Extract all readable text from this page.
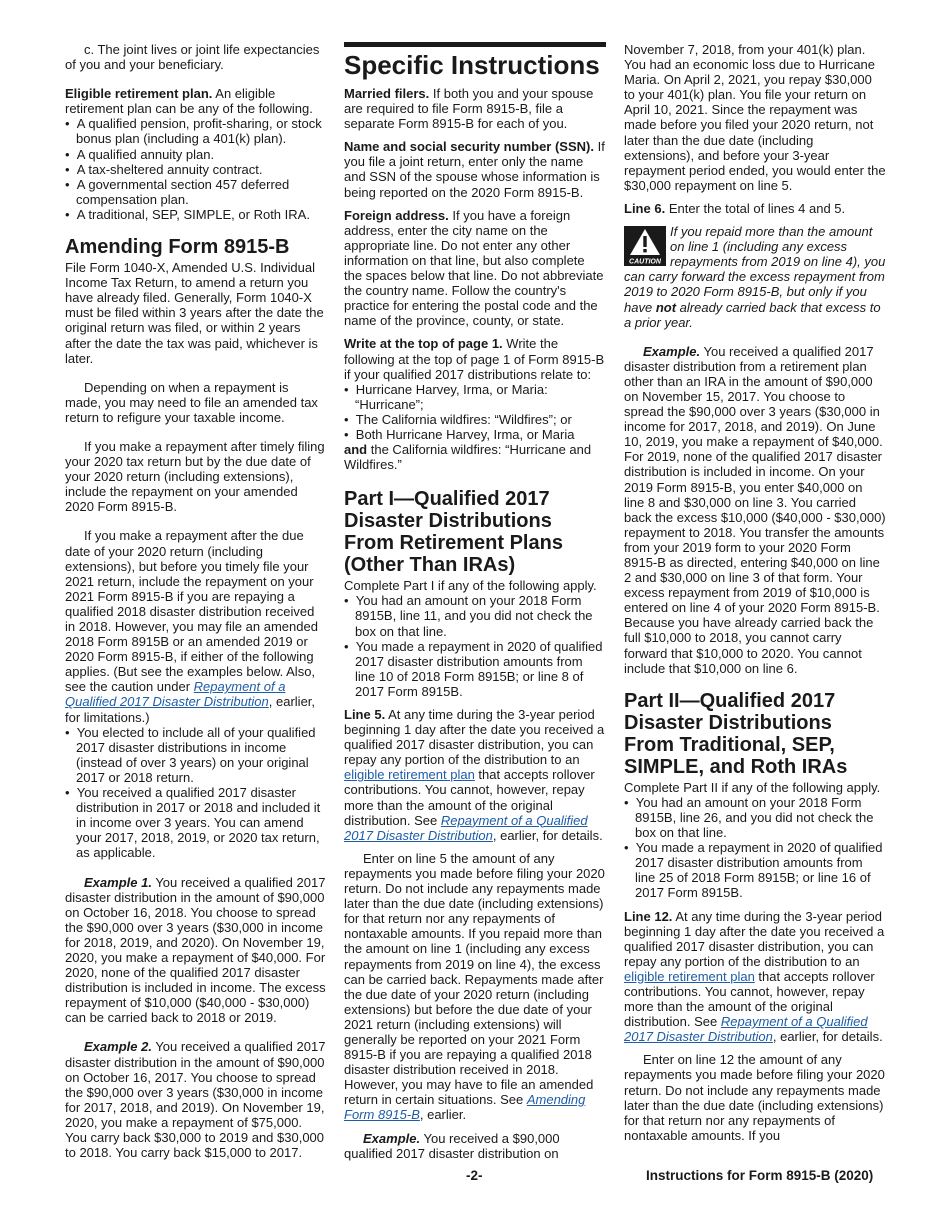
c. The joint lives or joint life expectancies of you and your beneficiary.

Eligible retirement plan. An eligible retirement plan can be any of the following.

•  A qualified pension, profit-sharing, or stock bonus plan (including a 401(k) plan).
•  A qualified annuity plan.
•  A tax-sheltered annuity contract.
•  A governmental section 457 deferred compensation plan.
•  A traditional, SEP, SIMPLE, or Roth IRA.
Amending Form 8915-B

File Form 1040-X, Amended U.S. Individual Income Tax Return, to amend a return you have already filed. Generally, Form 1040-X must be filed within 3 years after the date the original return was filed, or within 2 years after the date the tax was paid, whichever is later.

Depending on when a repayment is made, you may need to file an amended tax return to refigure your taxable income.

If you make a repayment after timely filing your 2020 tax return but by the due date of your 2020 return (including extensions), include the repayment on your amended 2020 Form 8915-B.

If you make a repayment after the due date of your 2020 return (including extensions), but before you timely file your 2021 return, include the repayment on your 2021 Form 8915-B if you are repaying a qualified 2018 disaster distribution received in 2018. However, you may file an amended 2018 Form 8915B or an amended 2019 or 2020 Form 8915-B, if either of the following applies. (But see the examples below. Also, see the caution under Repayment of a Qualified 2017 Disaster Distribution, earlier, for limitations.)

•  You elected to include all of your qualified 2017 disaster distributions in income (instead of over 3 years) on your original 2017 or 2018 return.
•  You received a qualified 2017 disaster distribution in 2017 or 2018 and included it in income over 3 years. You can amend your 2017, 2018, 2019, or 2020 tax return, as applicable.

Example 1. You received a qualified 2017 disaster distribution in the amount of $90,000 on October 16, 2018. You choose to spread the $90,000 over 3 years ($30,000 in income for 2018, 2019, and 2020). On November 19, 2020, you make a repayment of $40,000. For 2020, none of the qualified 2017 disaster distribution is included in income. The excess repayment of $10,000 ($40,000 - $30,000) can be carried back to 2018 or 2019.

Example 2. You received a qualified 2017 disaster distribution in the amount of $90,000 on October 16, 2017. You choose to spread the $90,000 over 3 years ($30,000 in income for 2017, 2018, and 2019). On November 19, 2020, you make a repayment of $75,000. You carry back $30,000 to 2019 and $30,000 to 2018. You carry back $15,000 to 2017.

Specific Instructions

Married filers. If both you and your spouse are required to file Form 8915-B, file a separate Form 8915-B for each of you.

Name and social security number (SSN). If you file a joint return, enter only the name and SSN of the spouse whose information is being reported on the 2020 Form 8915-B.

Foreign address. If you have a foreign address, enter the city name on the appropriate line. Do not enter any other information on that line, but also complete the spaces below that line. Do not abbreviate the country name. Follow the country's practice for entering the postal code and the name of the province, county, or state.

Write at the top of page 1. Write the following at the top of page 1 of Form 8915-B if your qualified 2017 distributions relate to:

•  Hurricane Harvey, Irma, or Maria: “Hurricane”;
•  The California wildfires: “Wildfires”; or
•  Both Hurricane Harvey, Irma, or Maria
and the California wildfires: “Hurricane and Wildfires.”
Part I—Qualified 2017 Disaster Distributions From Retirement Plans (Other Than IRAs)

Complete Part I if any of the following apply.

•  You had an amount on your 2018 Form 8915B, line 11, and you did not check the box on that line.
•  You made a repayment in 2020 of qualified 2017 disaster distribution amounts from line 10 of 2018 Form 8915B; or line 8 of 2017 Form 8915B.

Line 5. At any time during the 3-year period beginning 1 day after the date you received a qualified 2017 disaster distribution, you can repay any portion of the distribution to an eligible retirement plan that accepts rollover contributions. You cannot, however, repay more than the amount of the original distribution. See Repayment of a Qualified 2017 Disaster Distribution, earlier, for details.

Enter on line 5 the amount of any repayments you made before filing your 2020 return. Do not include any repayments made later than the due date (including extensions) for that return nor any repayments of nontaxable amounts. If you repaid more than the amount on line 1 (including any excess repayments from 2019 on line 4), the excess can be carried back. Repayments made after the due date of your 2020 return (including extensions) but before the due date of your 2021 return (including extensions) will generally be reported on your 2021 Form 8915-B if you are repaying a qualified 2018 disaster distribution received in 2018. However, you may have to file an amended return in certain situations. See Amending Form 8915-B, earlier.

Example. You received a $90,000 qualified 2017 disaster distribution on

November 7, 2018, from your 401(k) plan. You had an economic loss due to Hurricane Maria. On April 2, 2021, you repay $30,000 to your 401(k) plan. You file your return on April 10, 2021. Since the repayment was made before you filed your 2020 return, not later than the due date (including extensions), and before your 3-year repayment period ended, you would enter the $30,000 repayment on line 5.

Line 6. Enter the total of lines 4 and 5.

CAUTION
If you repaid more than the amount on line 1 (including any excess repayments from 2019 on line 4), you can carry forward the excess repayment from 2019 to 2020 Form 8915-B, but only if you have not already carried back that excess to a prior year.

Example. You received a qualified 2017 disaster distribution from a retirement plan other than an IRA in the amount of $90,000 on November 15, 2017. You choose to spread the $90,000 over 3 years ($30,000 in income for 2017, 2018, and 2019). On June 10, 2019, you make a repayment of $40,000. For 2019, none of the qualified 2017 disaster distribution is included in income. On your 2019 Form 8915-B, you enter $40,000 on line 8 and $30,000 on line 3. You carried back the excess $10,000 ($40,000 - $30,000) repayment to 2018. You transfer the amounts from your 2019 form to your 2020 Form 8915-B as directed, entering $40,000 on line 2 and $30,000 on line 3 of that form. Your excess repayment from 2019 of $10,000 is entered on line 4 of your 2020 Form 8915-B. Because you have already carried back the full $10,000 to 2018, you cannot carry forward that $10,000 to 2020. You cannot include that $10,000 on line 6.

Part II—Qualified 2017 Disaster Distributions From Traditional, SEP, SIMPLE, and Roth IRAs

Complete Part II if any of the following apply.

•  You had an amount on your 2018 Form 8915B, line 26, and you did not check the box on that line.
•  You made a repayment in 2020 of qualified 2017 disaster distribution amounts from line 25 of 2018 Form 8915B; or line 16 of 2017 Form 8915B.

Line 12. At any time during the 3-year period beginning 1 day after the date you received a qualified 2017 disaster distribution, you can repay any portion of the distribution to an eligible retirement plan that accepts rollover contributions. You cannot, however, repay more than the amount of the original distribution. See Repayment of a Qualified 2017 Disaster Distribution, earlier, for details.

Enter on line 12 the amount of any repayments you made before filing your 2020 return. Do not include any repayments made later than the due date (including extensions) for that return nor any repayments of nontaxable amounts. If you

-2-	Instructions for Form 8915-B (2020)
